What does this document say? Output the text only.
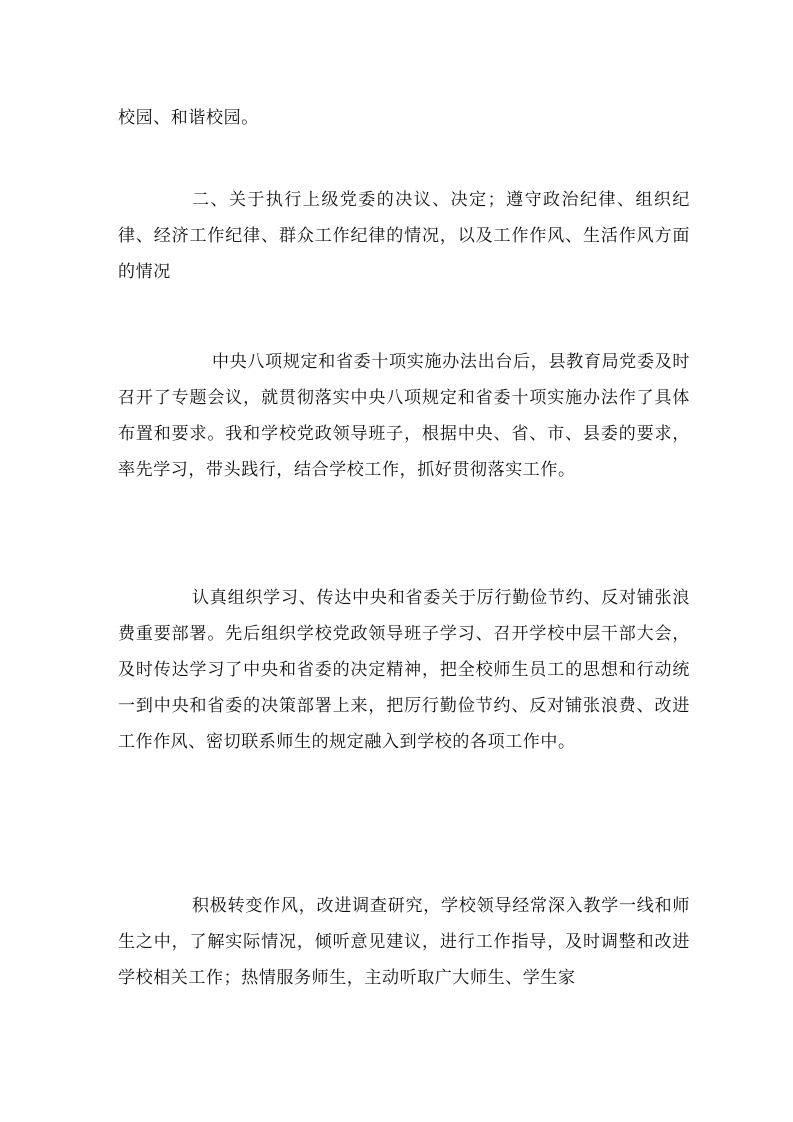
校园、和谐校园。

二、关于执行上级党委的决议、决定；遵守政治纪律、组织纪律、经济工作纪律、群众工作纪律的情况，以及工作作风、生活作风方面的情况

中央八项规定和省委十项实施办法出台后，县教育局党委及时召开了专题会议，就贯彻落实中央八项规定和省委十项实施办法作了具体布置和要求。我和学校党政领导班子，根据中央、省、市、县委的要求，率先学习，带头践行，结合学校工作，抓好贯彻落实工作。

认真组织学习、传达中央和省委关于厉行勤俭节约、反对铺张浪费重要部署。先后组织学校党政领导班子学习、召开学校中层干部大会，及时传达学习了中央和省委的决定精神，把全校师生员工的思想和行动统一到中央和省委的决策部署上来，把厉行勤俭节约、反对铺张浪费、改进工作作风、密切联系师生的规定融入到学校的各项工作中。

积极转变作风，改进调查研究，学校领导经常深入教学一线和师生之中，了解实际情况，倾听意见建议，进行工作指导，及时调整和改进学校相关工作；热情服务师生，主动听取广大师生、学生家
